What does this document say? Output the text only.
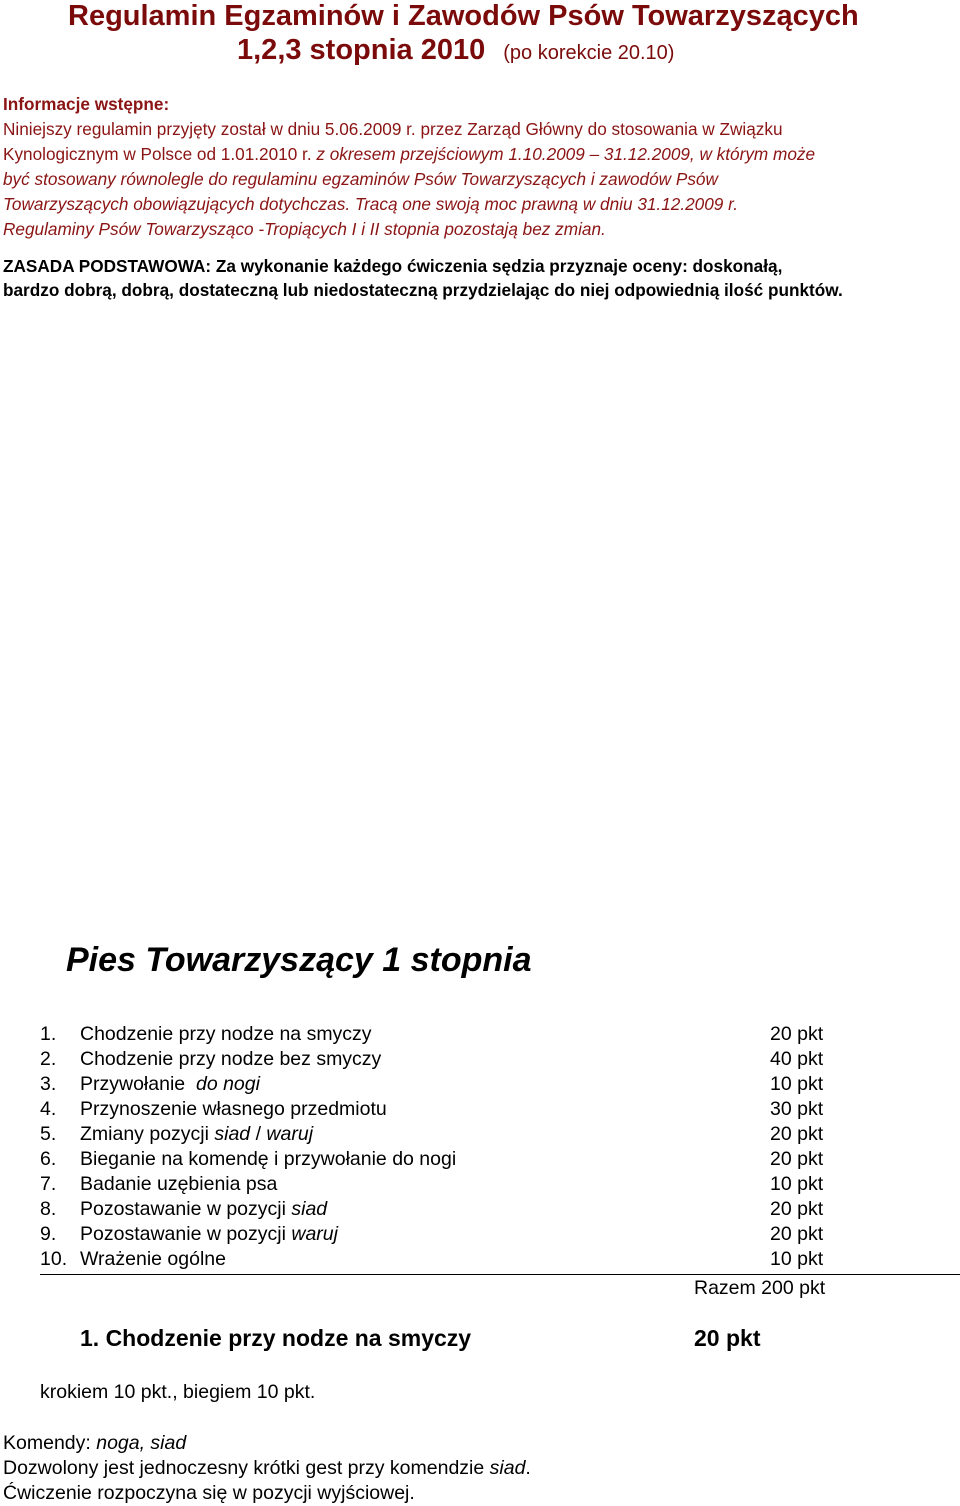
Regulamin Egzaminów i Zawodów Psów Towarzyszących
1,2,3 stopnia 2010 (po korekcie 20.10)
Informacje wstępne:
Niniejszy regulamin przyjęty został w dniu 5.06.2009 r. przez Zarząd Główny do stosowania w Związku
Kynologicznym w Polsce od 1.01.2010 r. z okresem przejściowym 1.10.2009 – 31.12.2009, w którym może
być stosowany równolegle do regulaminu egzaminów Psów Towarzyszących i zawodów Psów
Towarzyszących obowiązujących dotychczas. Tracą one swoją moc prawną w dniu 31.12.2009 r.
Regulaminy Psów Towarzysząco -Tropiących I i II stopnia pozostają bez zmian.
ZASADA PODSTAWOWA: Za wykonanie każdego ćwiczenia sędzia przyznaje oceny: doskonałą,
bardzo dobrą, dobrą, dostateczną lub niedostateczną przydzielając do niej odpowiednią ilość punktów.
Pies Towarzyszący 1 stopnia
1. Chodzenie przy nodze na smyczy	20 pkt
2. Chodzenie przy nodze bez smyczy	40 pkt
3. Przywołanie  do nogi	10 pkt
4. Przynoszenie własnego przedmiotu	30 pkt
5. Zmiany pozycji siad / waruj	20 pkt
6. Bieganie na komendę i przywołanie do nogi	20 pkt
7. Badanie uzębienia psa	10 pkt
8. Pozostawanie w pozycji siad	20 pkt
9. Pozostawanie w pozycji waruj	20 pkt
10. Wrażenie ogólne	10 pkt
Razem 200 pkt
1. Chodzenie przy nodze na smyczy	20 pkt
krokiem 10 pkt., biegiem 10 pkt.
Komendy: noga, siad
Dozwolony jest jednoczesny krótki gest przy komendzie siad.
Ćwiczenie rozpoczyna się w pozycji wyjściowej.
